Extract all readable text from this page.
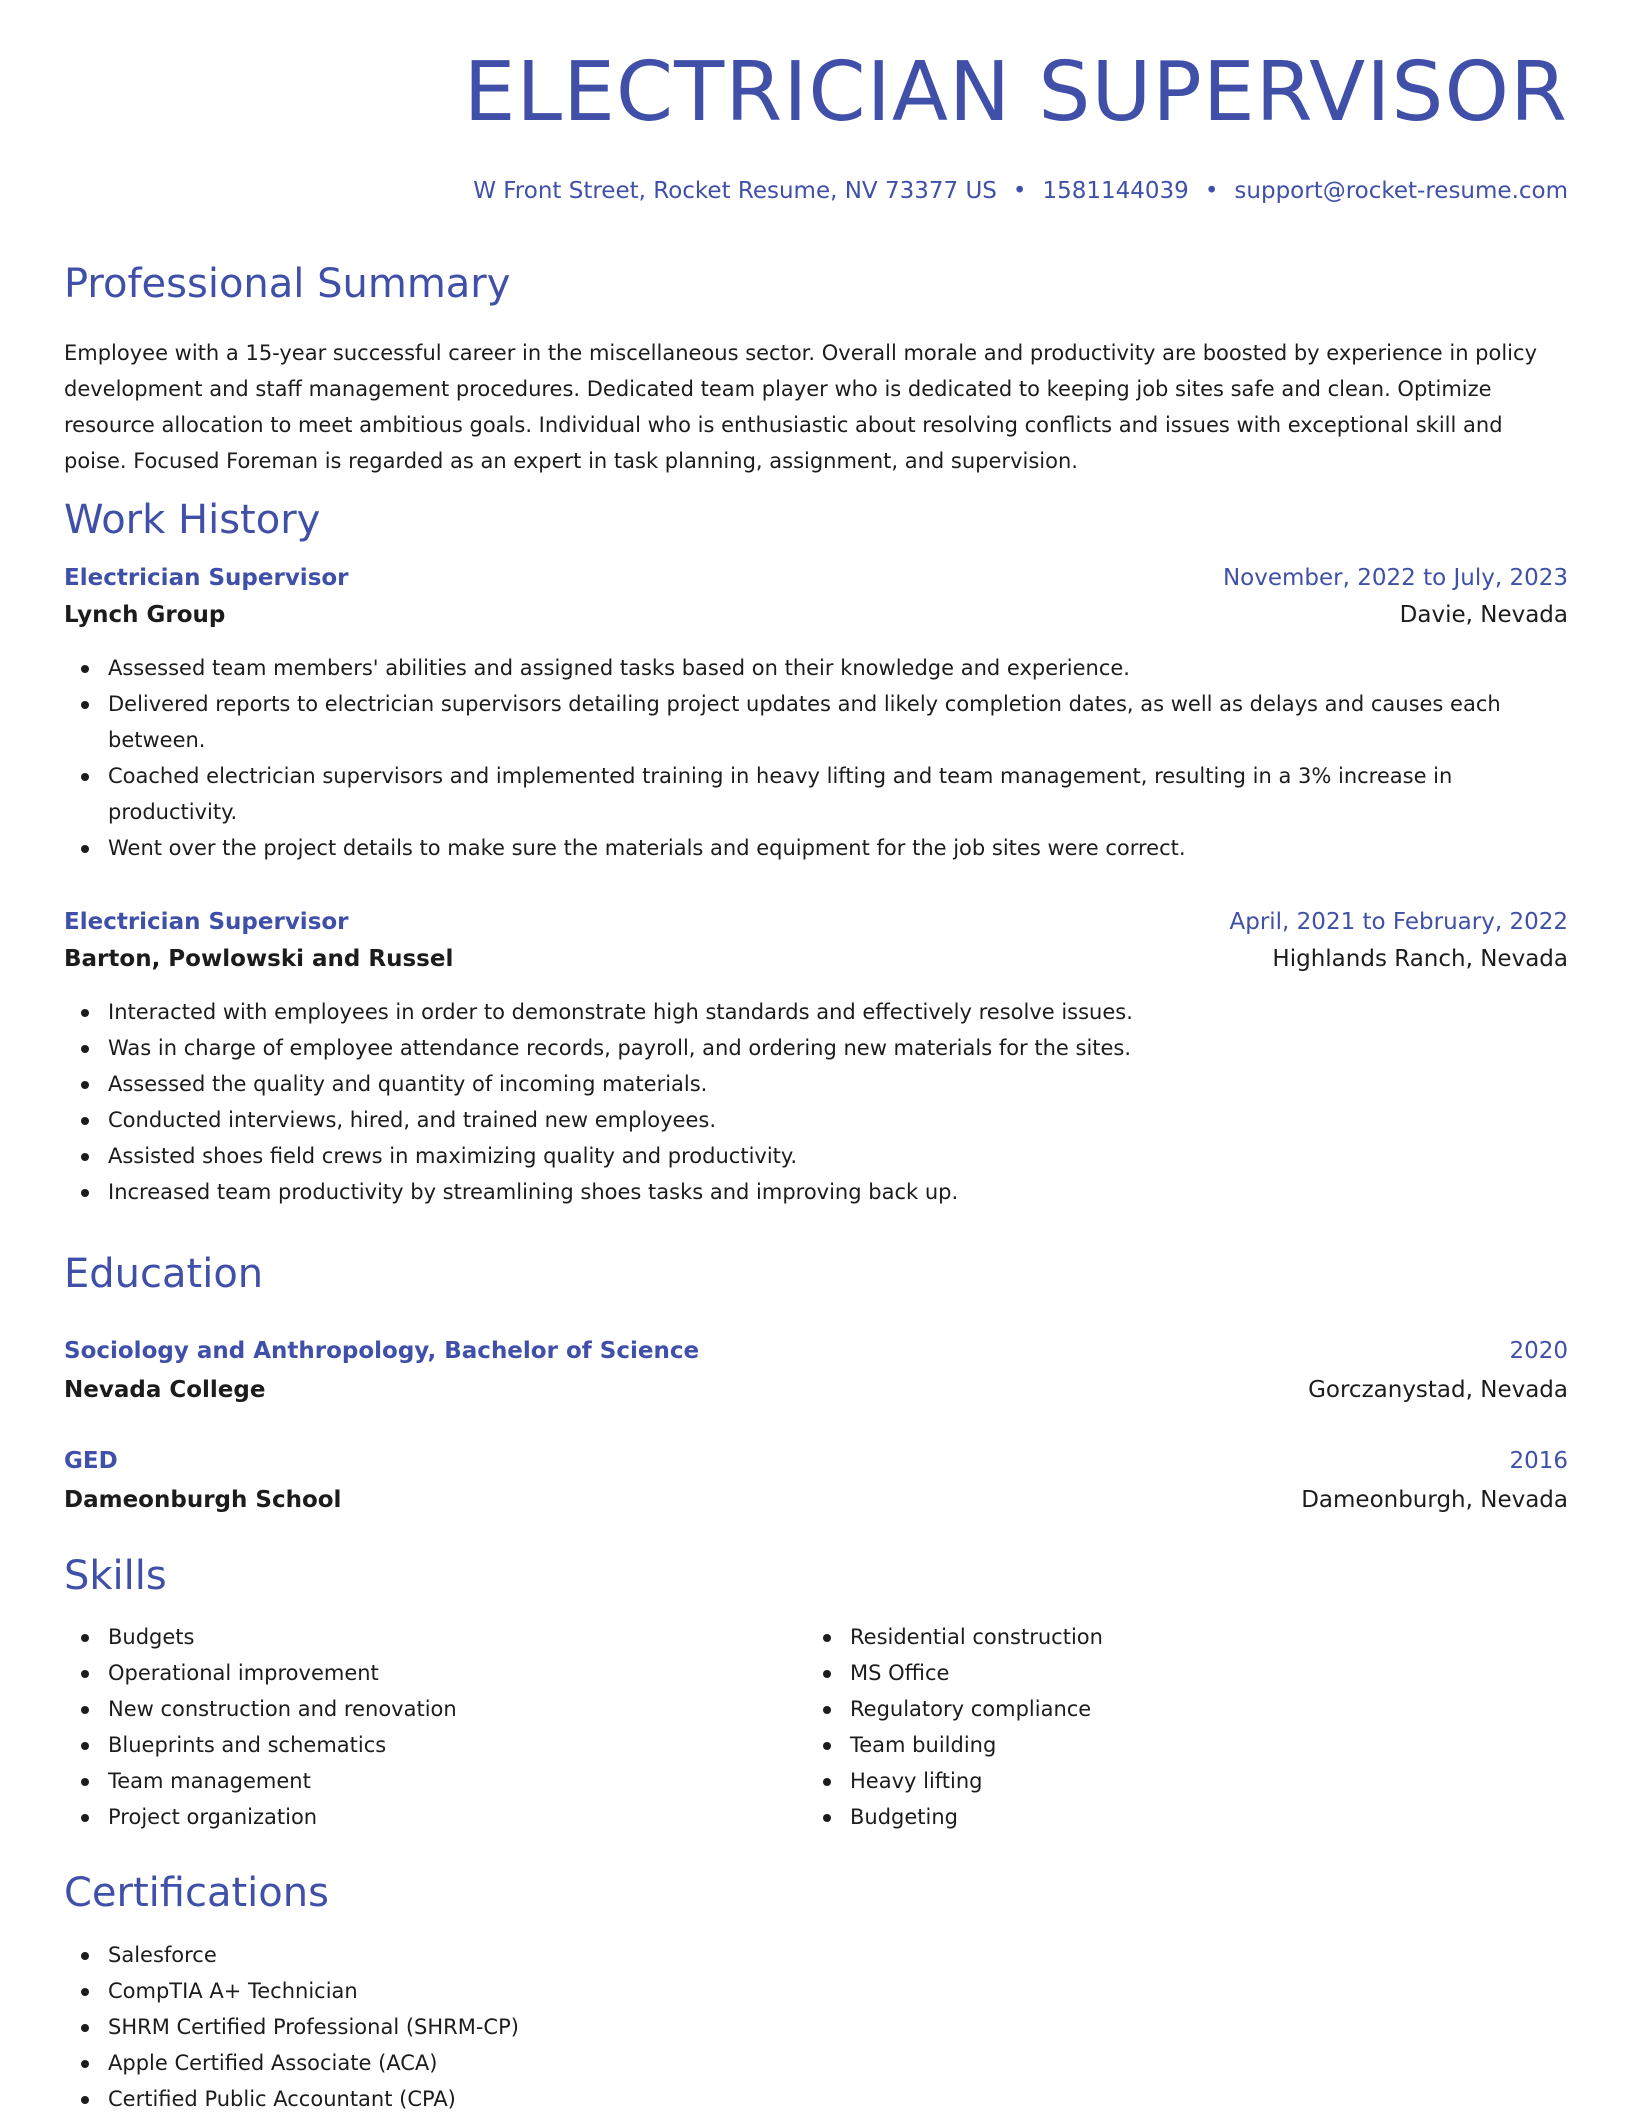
ELECTRICIAN SUPERVISOR
W Front Street, Rocket Resume, NV 73377 US • 1581144039 • support@rocket-resume.com
Professional Summary

Employee with a 15-year successful career in the miscellaneous sector. Overall morale and productivity are boosted by experience in policy development and staff management procedures. Dedicated team player who is dedicated to keeping job sites safe and clean. Optimize resource allocation to meet ambitious goals. Individual who is enthusiastic about resolving conflicts and issues with exceptional skill and poise. Focused Foreman is regarded as an expert in task planning, assignment, and supervision.

Work History
Electrician Supervisor	November, 2022 to July, 2023
Lynch Group	Davie, Nevada
Assessed team members' abilities and assigned tasks based on their knowledge and experience.
Delivered reports to electrician supervisors detailing project updates and likely completion dates, as well as delays and causes each between.
Coached electrician supervisors and implemented training in heavy lifting and team management, resulting in a 3% increase in productivity.
Went over the project details to make sure the materials and equipment for the job sites were correct.
Electrician Supervisor	April, 2021 to February, 2022
Barton, Powlowski and Russel	Highlands Ranch, Nevada
Interacted with employees in order to demonstrate high standards and effectively resolve issues.
Was in charge of employee attendance records, payroll, and ordering new materials for the sites.
Assessed the quality and quantity of incoming materials.
Conducted interviews, hired, and trained new employees.
Assisted shoes field crews in maximizing quality and productivity.
Increased team productivity by streamlining shoes tasks and improving back up.
Education
Sociology and Anthropology, Bachelor of Science	2020
Nevada College	Gorczanystad, Nevada
GED	2016
Dameonburgh School	Dameonburgh, Nevada
Skills
Budgets
Operational improvement
New construction and renovation
Blueprints and schematics
Team management
Project organization
Residential construction
MS Office
Regulatory compliance
Team building
Heavy lifting
Budgeting
Certifications
Salesforce
CompTIA A+ Technician
SHRM Certified Professional (SHRM-CP)
Apple Certified Associate (ACA)
Certified Public Accountant (CPA)
